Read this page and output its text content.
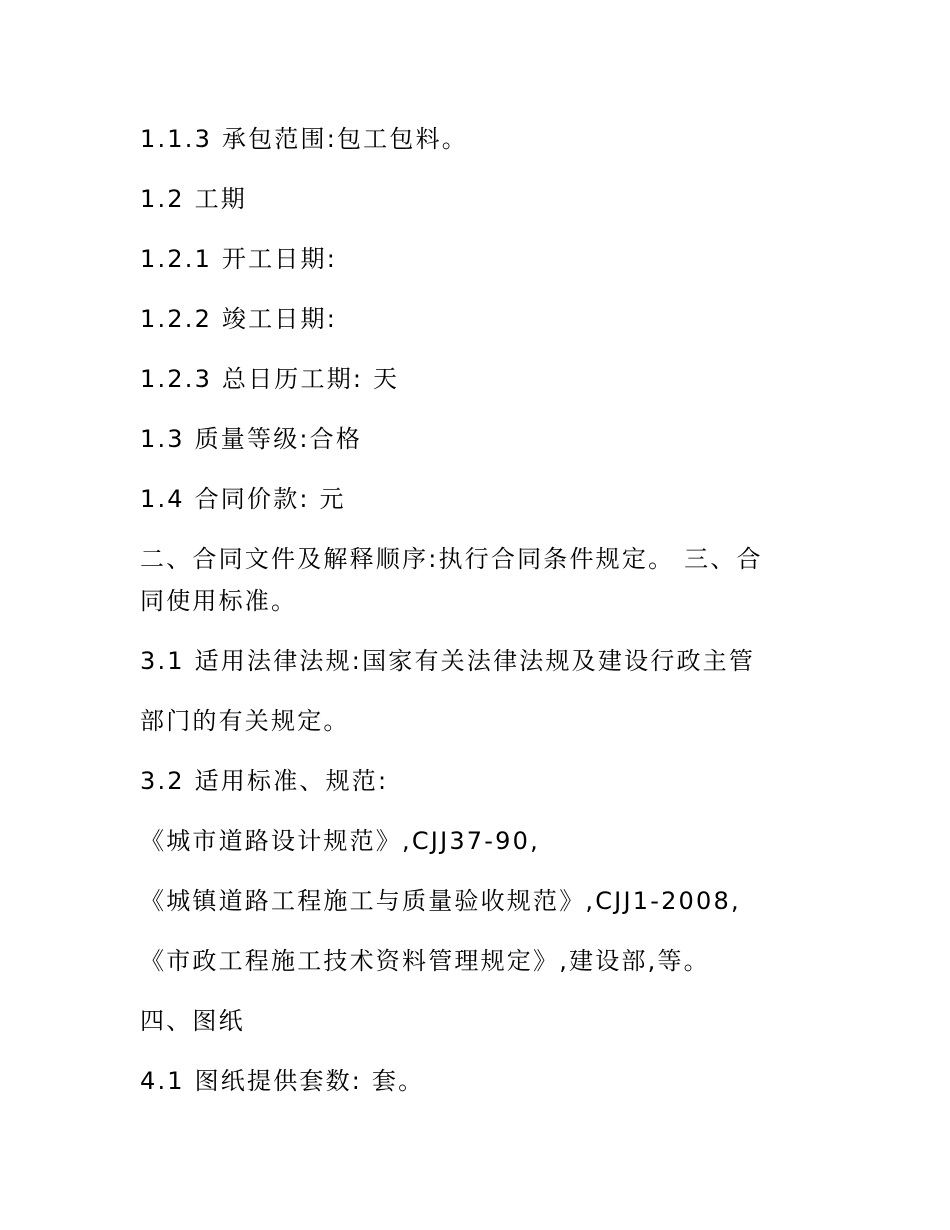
1.1.3 承包范围:包工包料。
1.2 工期
1.2.1 开工日期:
1.2.2 竣工日期:
1.2.3 总日历工期: 天
1.3 质量等级:合格
1.4 合同价款: 元
二、合同文件及解释顺序:执行合同条件规定。 三、合
同使用标准。
3.1 适用法律法规:国家有关法律法规及建设行政主管
部门的有关规定。
3.2 适用标准、规范:
《城市道路设计规范》,CJJ37-90,
《城镇道路工程施工与质量验收规范》,CJJ1-2008,
《市政工程施工技术资料管理规定》,建设部,等。
四、图纸
4.1 图纸提供套数: 套。
